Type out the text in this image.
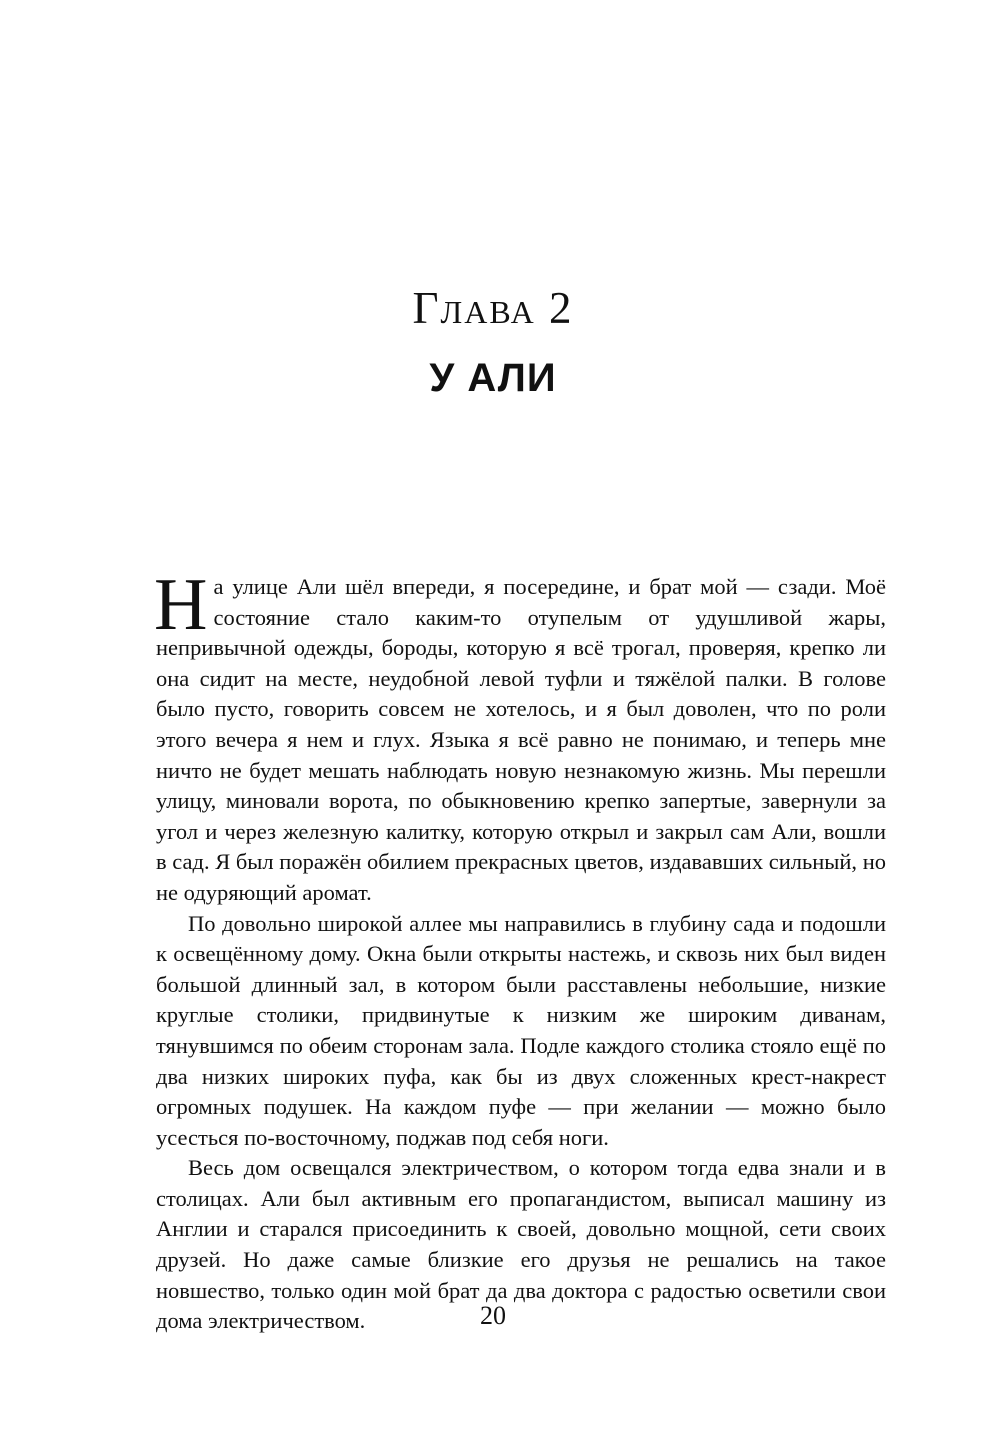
Глава 2
У АЛИ

На улице Али шёл впереди, я посередине, и брат мой — сзади. Моё состояние стало каким-то отупелым от удушливой жары, непривычной одежды, бороды, которую я всё трогал, проверяя, крепко ли она сидит на месте, неудобной левой туфли и тяжёлой палки. В голове было пусто, говорить совсем не хотелось, и я был доволен, что по роли этого вечера я нем и глух. Языка я всё равно не понимаю, и теперь мне ничто не будет мешать наблюдать новую незнакомую жизнь. Мы перешли улицу, миновали ворота, по обыкновению крепко запертые, завернули за угол и через железную калитку, которую открыл и закрыл сам Али, вошли в сад. Я был поражён обилием прекрасных цветов, издававших сильный, но не одуряющий аромат.

По довольно широкой аллее мы направились в глубину сада и подошли к освещённому дому. Окна были открыты настежь, и сквозь них был виден большой длинный зал, в котором были расставлены небольшие, низкие круглые столики, придвинутые к низким же широким диванам, тянувшимся по обеим сторонам зала. Подле каждого столика стояло ещё по два низких широких пуфа, как бы из двух сложенных крест-накрест огромных подушек. На каждом пуфе — при желании — можно было усесться по-восточному, поджав под себя ноги.

Весь дом освещался электричеством, о котором тогда едва знали и в столицах. Али был активным его пропагандистом, выписал машину из Англии и старался присоединить к своей, довольно мощной, сети своих друзей. Но даже самые близкие его друзья не решались на такое новшество, только один мой брат да два доктора с радостью осветили свои дома электричеством.	20
